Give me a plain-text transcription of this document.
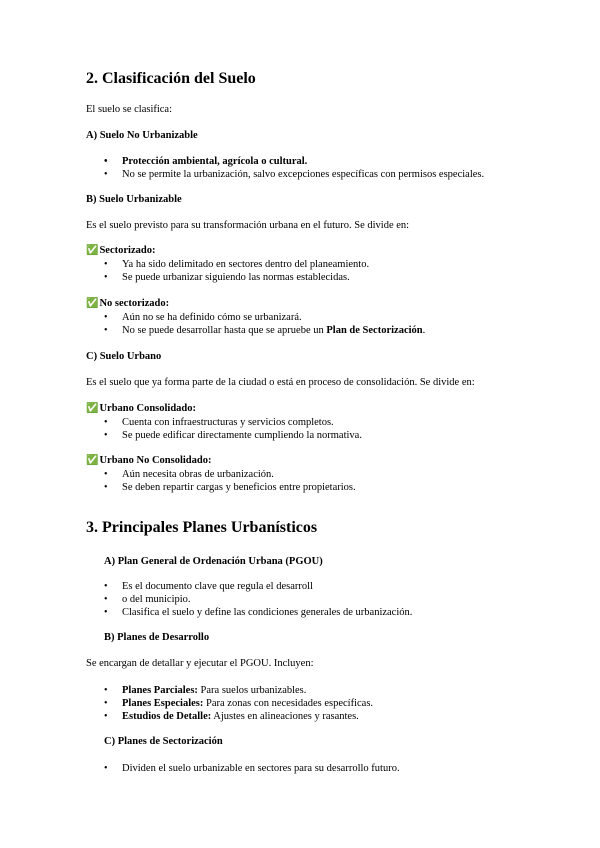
2. Clasificación del Suelo

El suelo se clasifica:

A) Suelo No Urbanizable

• Protección ambiental, agrícola o cultural.
• No se permite la urbanización, salvo excepciones específicas con permisos especiales.

B) Suelo Urbanizable

Es el suelo previsto para su transformación urbana en el futuro. Se divide en:

✅Sectorizado:

• Ya ha sido delimitado en sectores dentro del planeamiento.
• Se puede urbanizar siguiendo las normas establecidas.

✅No sectorizado:

• Aún no se ha definido cómo se urbanizará.
• No se puede desarrollar hasta que se apruebe un Plan de Sectorización.

C) Suelo Urbano

Es el suelo que ya forma parte de la ciudad o está en proceso de consolidación. Se divide en:

✅Urbano Consolidado:

• Cuenta con infraestructuras y servicios completos.
• Se puede edificar directamente cumpliendo la normativa.

✅Urbano No Consolidado:

• Aún necesita obras de urbanización.
• Se deben repartir cargas y beneficios entre propietarios.
3. Principales Planes Urbanísticos

A) Plan General de Ordenación Urbana (PGOU)

• Es el documento clave que regula el desarroll
• o del municipio.
• Clasifica el suelo y define las condiciones generales de urbanización.

B) Planes de Desarrollo

Se encargan de detallar y ejecutar el PGOU. Incluyen:

• Planes Parciales: Para suelos urbanizables.
• Planes Especiales: Para zonas con necesidades específicas.
• Estudios de Detalle: Ajustes en alineaciones y rasantes.

C) Planes de Sectorización

• Dividen el suelo urbanizable en sectores para su desarrollo futuro.
